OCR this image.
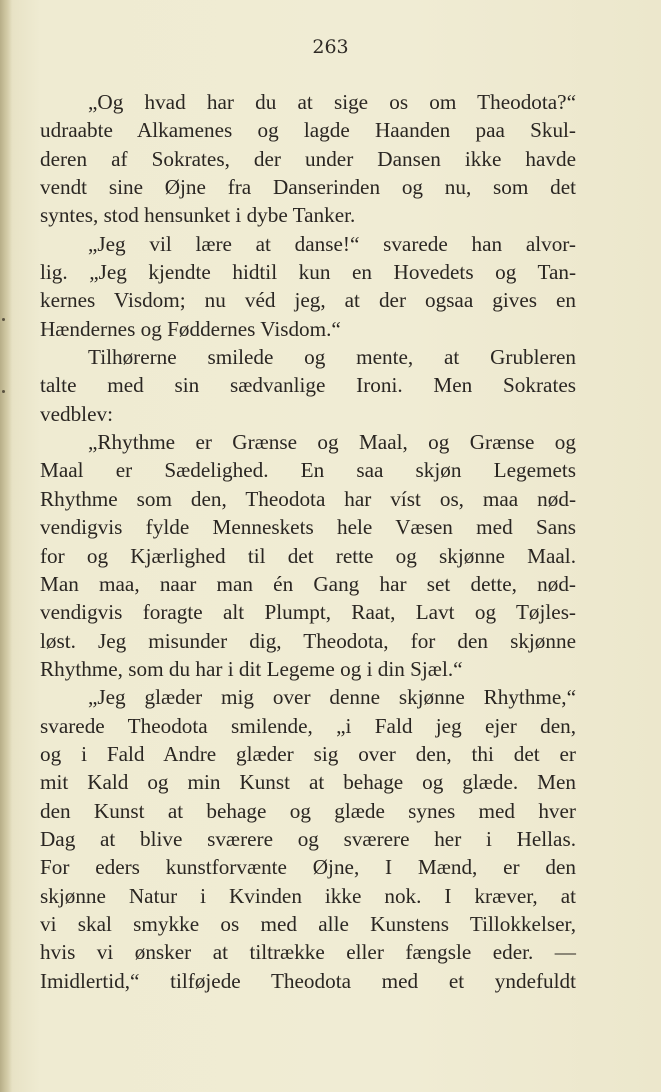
263
„Og hvad har du at sige os om Theodota?“
udraabte Alkamenes og lagde Haanden paa Skul-
deren af Sokrates, der under Dansen ikke havde
vendt sine Øjne fra Danserinden og nu, som det
syntes, stod hensunket i dybe Tanker.
„Jeg vil lære at danse!“ svarede han alvor-
lig. „Jeg kjendte hidtil kun en Hovedets og Tan-
kernes Visdom; nu véd jeg, at der ogsaa gives en
Hændernes og Føddernes Visdom.“
Tilhørerne smilede og mente, at Grubleren
talte med sin sædvanlige Ironi. Men Sokrates
vedblev:
„Rhythme er Grænse og Maal, og Grænse og
Maal er Sædelighed. En saa skjøn Legemets
Rhythme som den, Theodota har víst os, maa nød-
vendigvis fylde Menneskets hele Væsen med Sans
for og Kjærlighed til det rette og skjønne Maal.
Man maa, naar man én Gang har set dette, nød-
vendigvis foragte alt Plumpt, Raat, Lavt og Tøjles-
løst. Jeg misunder dig, Theodota, for den skjønne
Rhythme, som du har i dit Legeme og i din Sjæl.“
„Jeg glæder mig over denne skjønne Rhythme,“
svarede Theodota smilende, „i Fald jeg ejer den,
og i Fald Andre glæder sig over den, thi det er
mit Kald og min Kunst at behage og glæde. Men
den Kunst at behage og glæde synes med hver
Dag at blive sværere og sværere her i Hellas.
For eders kunstforvænte Øjne, I Mænd, er den
skjønne Natur i Kvinden ikke nok. I kræver, at
vi skal smykke os med alle Kunstens Tillokkelser,
hvis vi ønsker at tiltrække eller fængsle eder. —
Imidlertid,“ tilføjede Theodota med et yndefuldt
